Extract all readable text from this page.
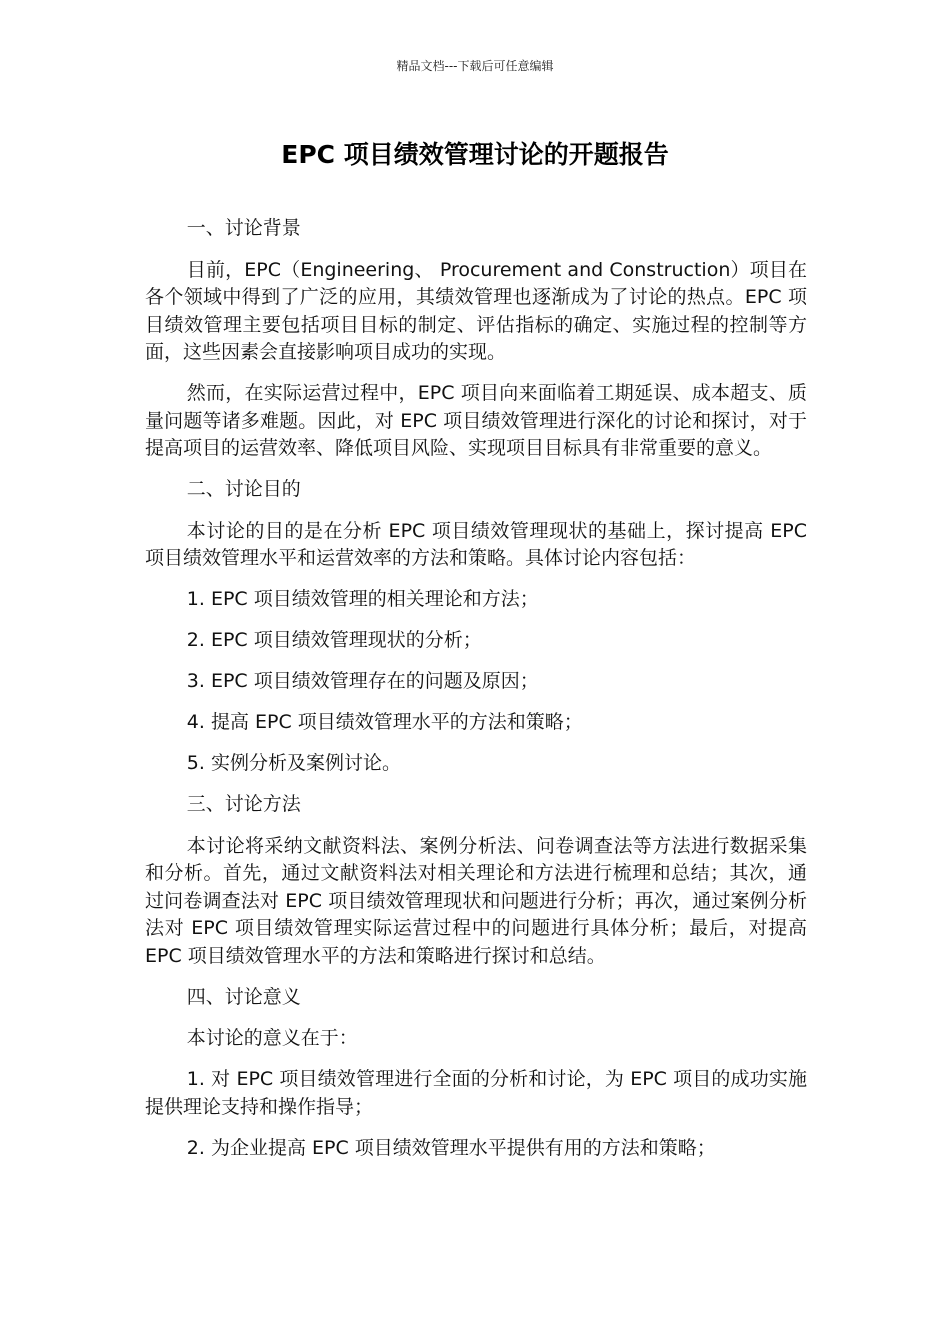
精品文档---下载后可任意编辑
EPC 项目绩效管理讨论的开题报告

一、讨论背景

目前，EPC（Engineering、 Procurement and Construction）项目在各个领域中得到了广泛的应用，其绩效管理也逐渐成为了讨论的热点。EPC 项目绩效管理主要包括项目目标的制定、评估指标的确定、实施过程的控制等方面，这些因素会直接影响项目成功的实现。

然而，在实际运营过程中，EPC 项目向来面临着工期延误、成本超支、质量问题等诸多难题。因此，对 EPC 项目绩效管理进行深化的讨论和探讨，对于提高项目的运营效率、降低项目风险、实现项目目标具有非常重要的意义。

二、讨论目的

本讨论的目的是在分析 EPC 项目绩效管理现状的基础上，探讨提高 EPC 项目绩效管理水平和运营效率的方法和策略。具体讨论内容包括：

1. EPC 项目绩效管理的相关理论和方法；

2. EPC 项目绩效管理现状的分析；

3. EPC 项目绩效管理存在的问题及原因；

4. 提高 EPC 项目绩效管理水平的方法和策略；

5. 实例分析及案例讨论。

三、讨论方法

本讨论将采纳文献资料法、案例分析法、问卷调查法等方法进行数据采集和分析。首先，通过文献资料法对相关理论和方法进行梳理和总结；其次，通过问卷调查法对 EPC 项目绩效管理现状和问题进行分析；再次，通过案例分析法对 EPC 项目绩效管理实际运营过程中的问题进行具体分析；最后，对提高 EPC 项目绩效管理水平的方法和策略进行探讨和总结。

四、讨论意义

本讨论的意义在于：

1. 对 EPC 项目绩效管理进行全面的分析和讨论，为 EPC 项目的成功实施提供理论支持和操作指导；

2. 为企业提高 EPC 项目绩效管理水平提供有用的方法和策略；
